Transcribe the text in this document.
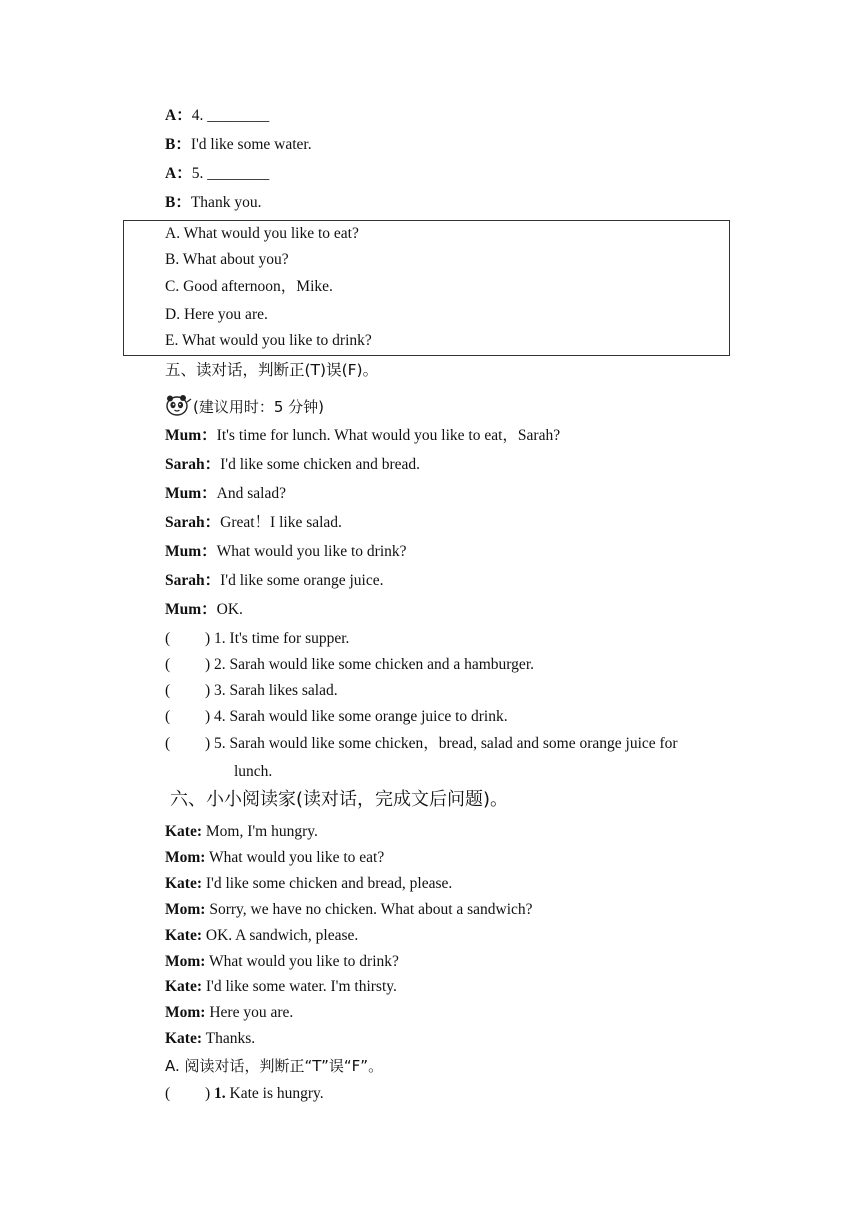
A：4. ________
B：I'd like some water.
A：5. ________
B：Thank you.
A. What would you like to eat?
B. What about you?
C. Good afternoon，Mike.
D. Here you are.
E. What would you like to drink?
五、读对话，判断正(T)误(F)。
(建议用时：5 分钟)
Mum：It's time for lunch. What would you like to eat，Sarah?
Sarah：I'd like some chicken and bread.
Mum：And salad?
Sarah：Great！I like salad.
Mum：What would you like to drink?
Sarah：I'd like some orange juice.
Mum：OK.
( ) 1. It's time for supper.
( ) 2. Sarah would like some chicken and a hamburger.
( ) 3. Sarah likes salad.
( ) 4. Sarah would like some orange juice to drink.
( ) 5. Sarah would like some chicken，bread, salad and some orange juice for
lunch.
六、小小阅读家(读对话，完成文后问题)。
Kate: Mom, I'm hungry.
Mom: What would you like to eat?
Kate: I'd like some chicken and bread, please.
Mom: Sorry, we have no chicken. What about a sandwich?
Kate: OK. A sandwich, please.
Mom: What would you like to drink?
Kate: I'd like some water. I'm thirsty.
Mom: Here you are.
Kate: Thanks.
A. 阅读对话，判断正“T”误“F”。
( ) 1. Kate is hungry.
